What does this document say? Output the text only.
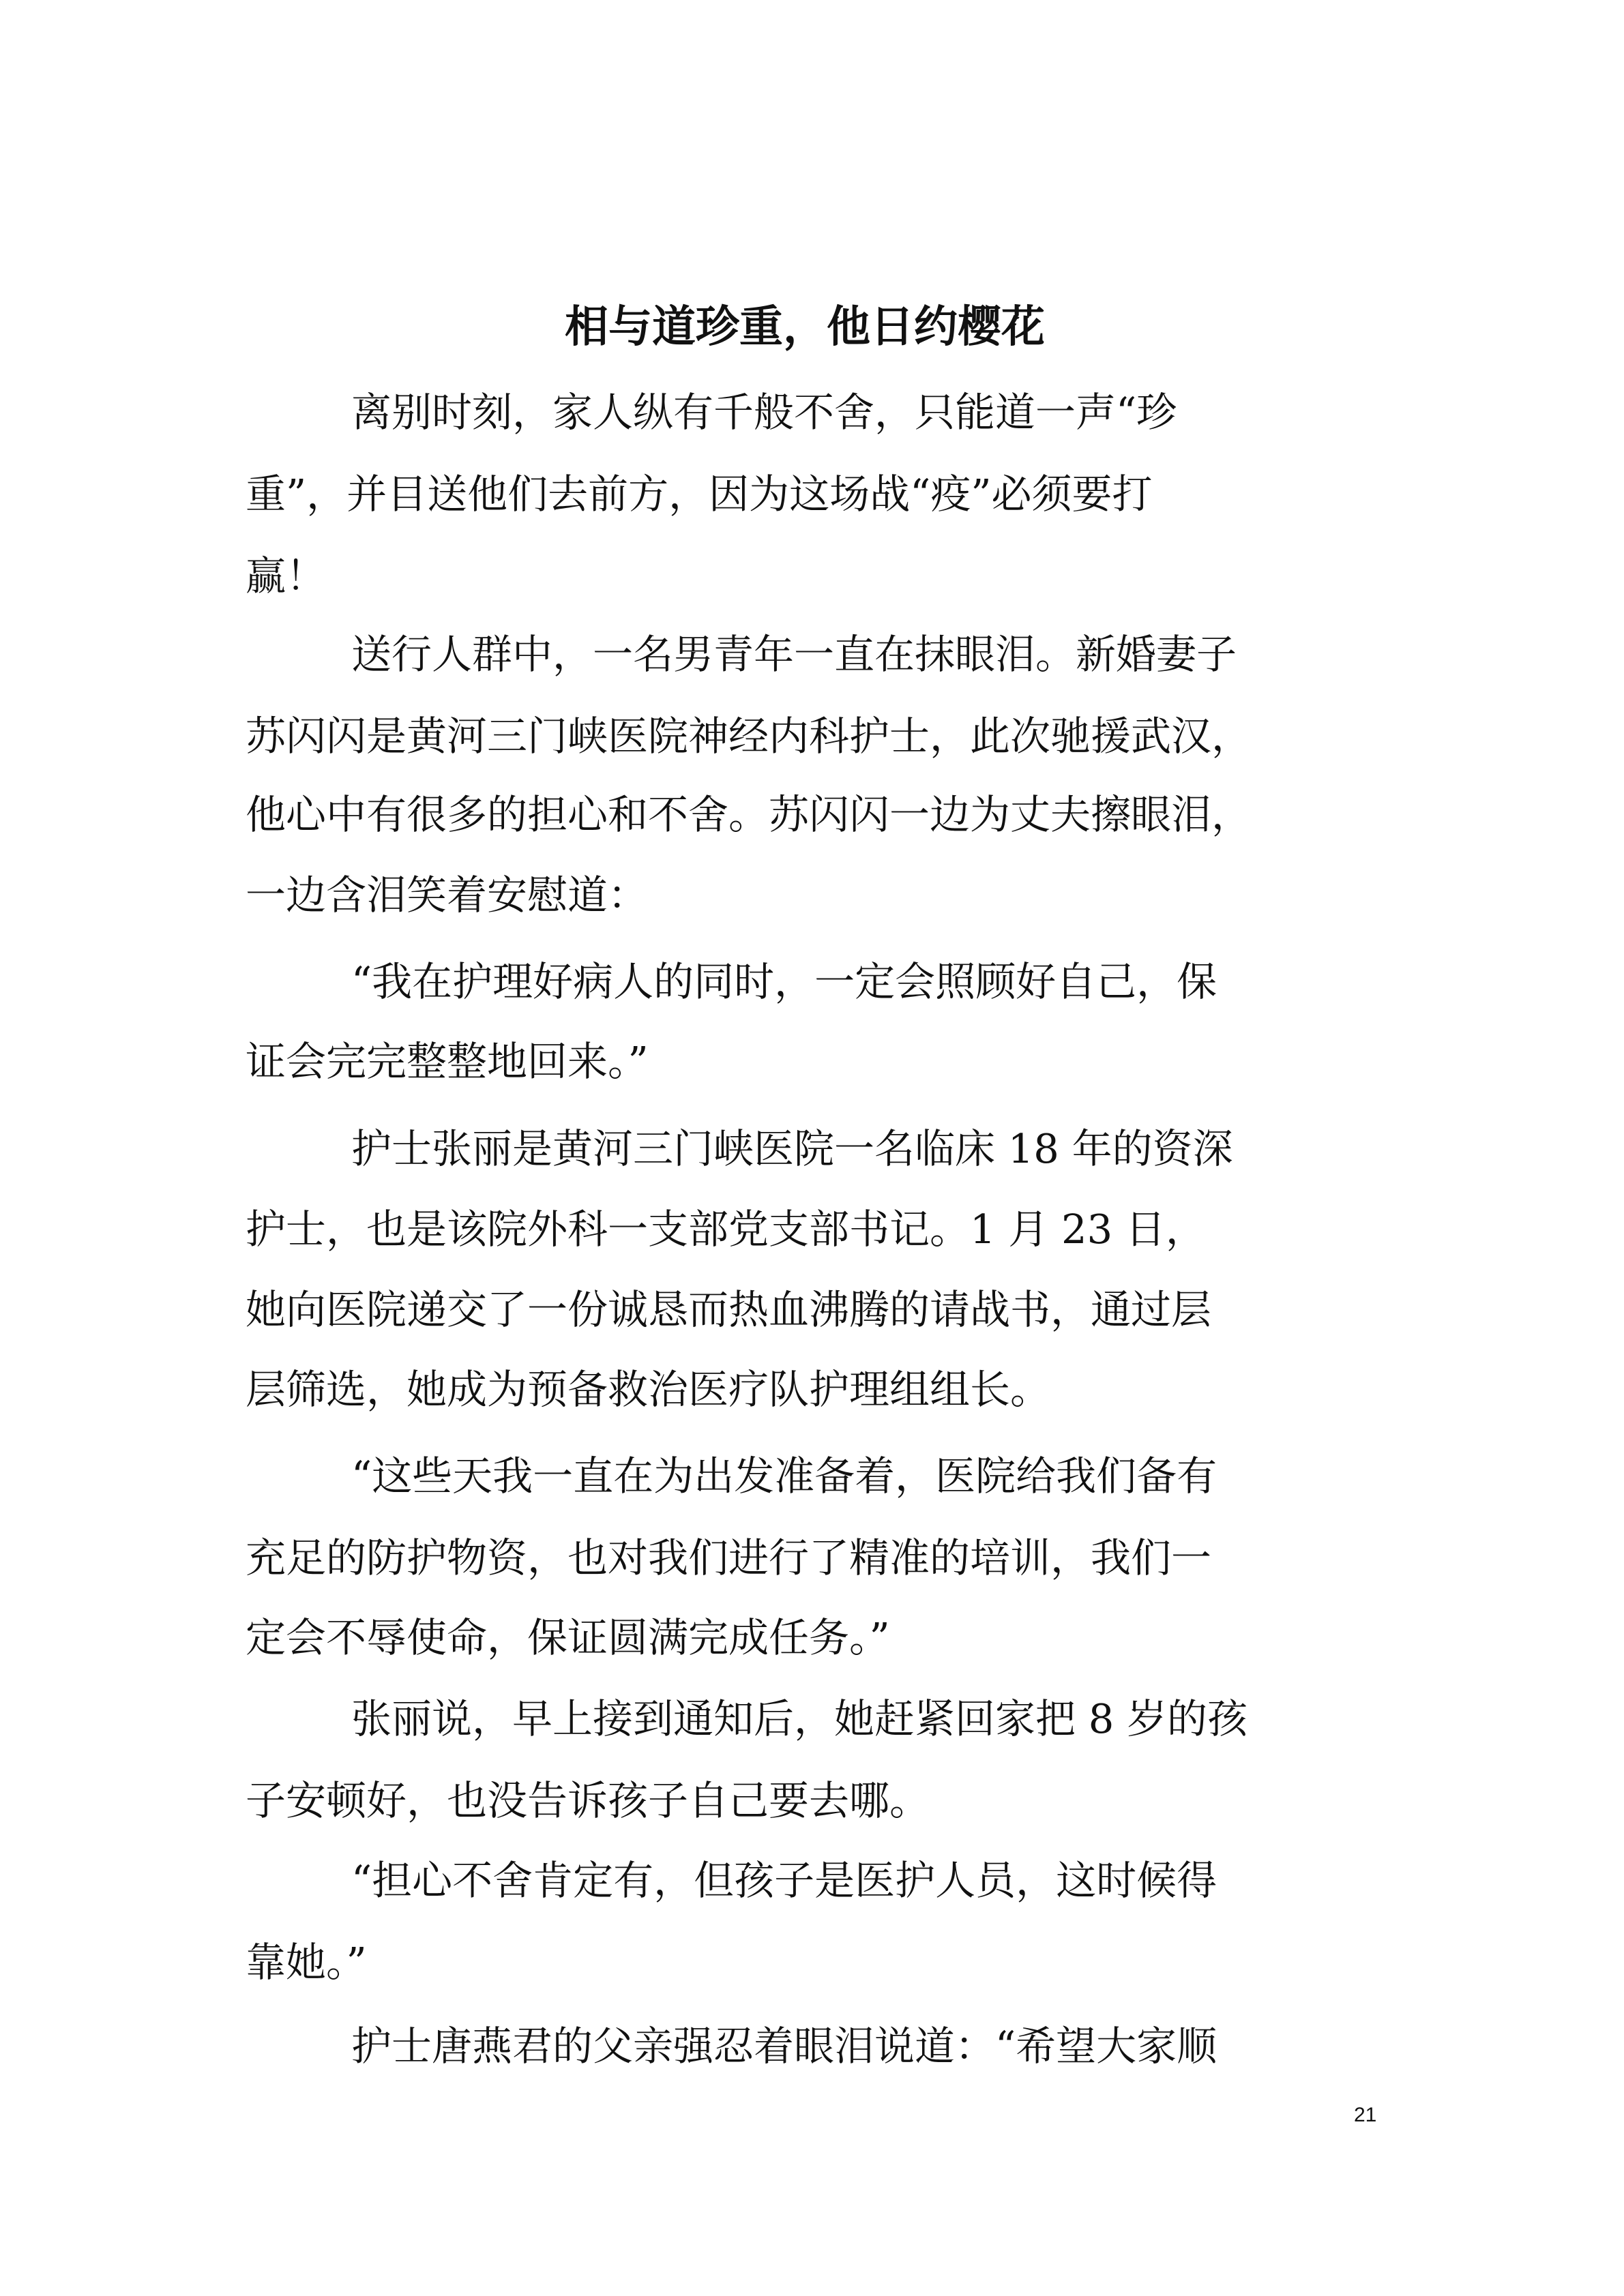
相与道珍重，他日约樱花
离别时刻，家人纵有千般不舍，只能道一声“珍
重”，并目送他们去前方，因为这场战“疫”必须要打
赢！
送行人群中，一名男青年一直在抹眼泪。新婚妻子
苏闪闪是黄河三门峡医院神经内科护士，此次驰援武汉，
他心中有很多的担心和不舍。苏闪闪一边为丈夫擦眼泪，
一边含泪笑着安慰道：
“我在护理好病人的同时，一定会照顾好自己，保
证会完完整整地回来。”
护士张丽是黄河三门峡医院一名临床 18 年的资深
护士，也是该院外科一支部党支部书记。1 月 23 日，
她向医院递交了一份诚恳而热血沸腾的请战书，通过层
层筛选，她成为预备救治医疗队护理组组长。
“这些天我一直在为出发准备着，医院给我们备有
充足的防护物资，也对我们进行了精准的培训，我们一
定会不辱使命，保证圆满完成任务。”
张丽说，早上接到通知后，她赶紧回家把 8 岁的孩
子安顿好，也没告诉孩子自己要去哪。
“担心不舍肯定有，但孩子是医护人员，这时候得
靠她。”
护士唐燕君的父亲强忍着眼泪说道：“希望大家顺
21
